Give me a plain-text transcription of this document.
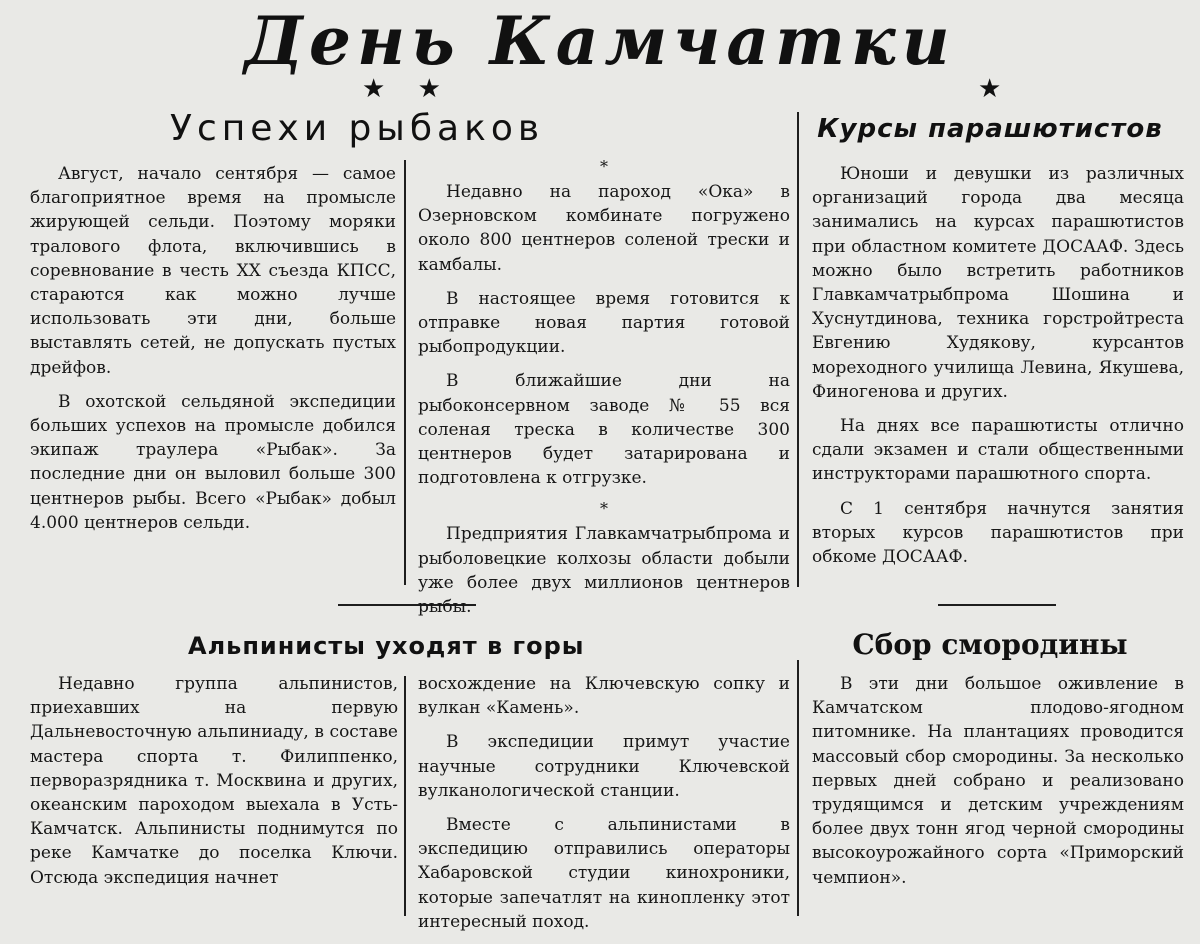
День Камчатки
★ ★	★
Успехи рыбаков	Курсы парашютистов
Альпинисты уходят в горы	Сбор смородины

Август, начало сентября — самое благоприятное время на промысле жирующей сельди. Поэтому моряки тралового флота, включившись в соревнование в честь XX съезда КПСС, стараются как можно лучше использовать эти дни, больше выставлять сетей, не допускать пустых дрейфов.

В охотской сельдяной экспедиции больших успехов на промысле добился экипаж траулера «Рыбак». За последние дни он выловил больше 300 центнеров рыбы. Всего «Рыбак» добыл 4.000 центнеров сельди.

*

Недавно на пароход «Ока» в Озерновском комбинате погружено около 800 центнеров соленой трески и камбалы.

В настоящее время готовится к отправке новая партия готовой рыбопродукции.

В ближайшие дни на рыбоконсервном заводе № 55 вся соленая треска в количестве 300 центнеров будет затарирована и подготовлена к отгрузке.

*

Предприятия Главкамчатрыбпрома и рыболовецкие колхозы области добыли уже более двух миллионов центнеров рыбы.

Юноши и девушки из различных организаций города два месяца занимались на курсах парашютистов при областном комитете ДОСААФ. Здесь можно было встретить работников Главкамчатрыбпрома Шошина и Хуснутдинова, техника горстройтреста Евгению Худякову, курсантов мореходного училища Левина, Якушева, Финогенова и других.

На днях все парашютисты отлично сдали экзамен и стали общественными инструкторами парашютного спорта.

С 1 сентября начнутся занятия вторых курсов парашютистов при обкоме ДОСААФ.

Недавно группа альпинистов, приехавших на первую Дальневосточную альпиниаду, в составе мастера спорта т. Филиппенко, перворазрядника т. Москвина и других, океанским пароходом выехала в Усть-Камчатск. Альпинисты поднимутся по реке Камчатке до поселка Ключи. Отсюда экспедиция начнет

восхождение на Ключевскую сопку и вулкан «Камень».

В экспедиции примут участие научные сотрудники Ключевской вулканологической станции.

Вместе с альпинистами в экспедицию отправились операторы Хабаровской студии кинохроники, которые запечатлят на кинопленку этот интересный поход.

В эти дни большое оживление в Камчатском плодово-ягодном питомнике. На плантациях проводится массовый сбор смородины. За несколько первых дней собрано и реализовано трудящимся и детским учреждениям более двух тонн ягод черной смородины высокоурожайного сорта «Приморский чемпион».
